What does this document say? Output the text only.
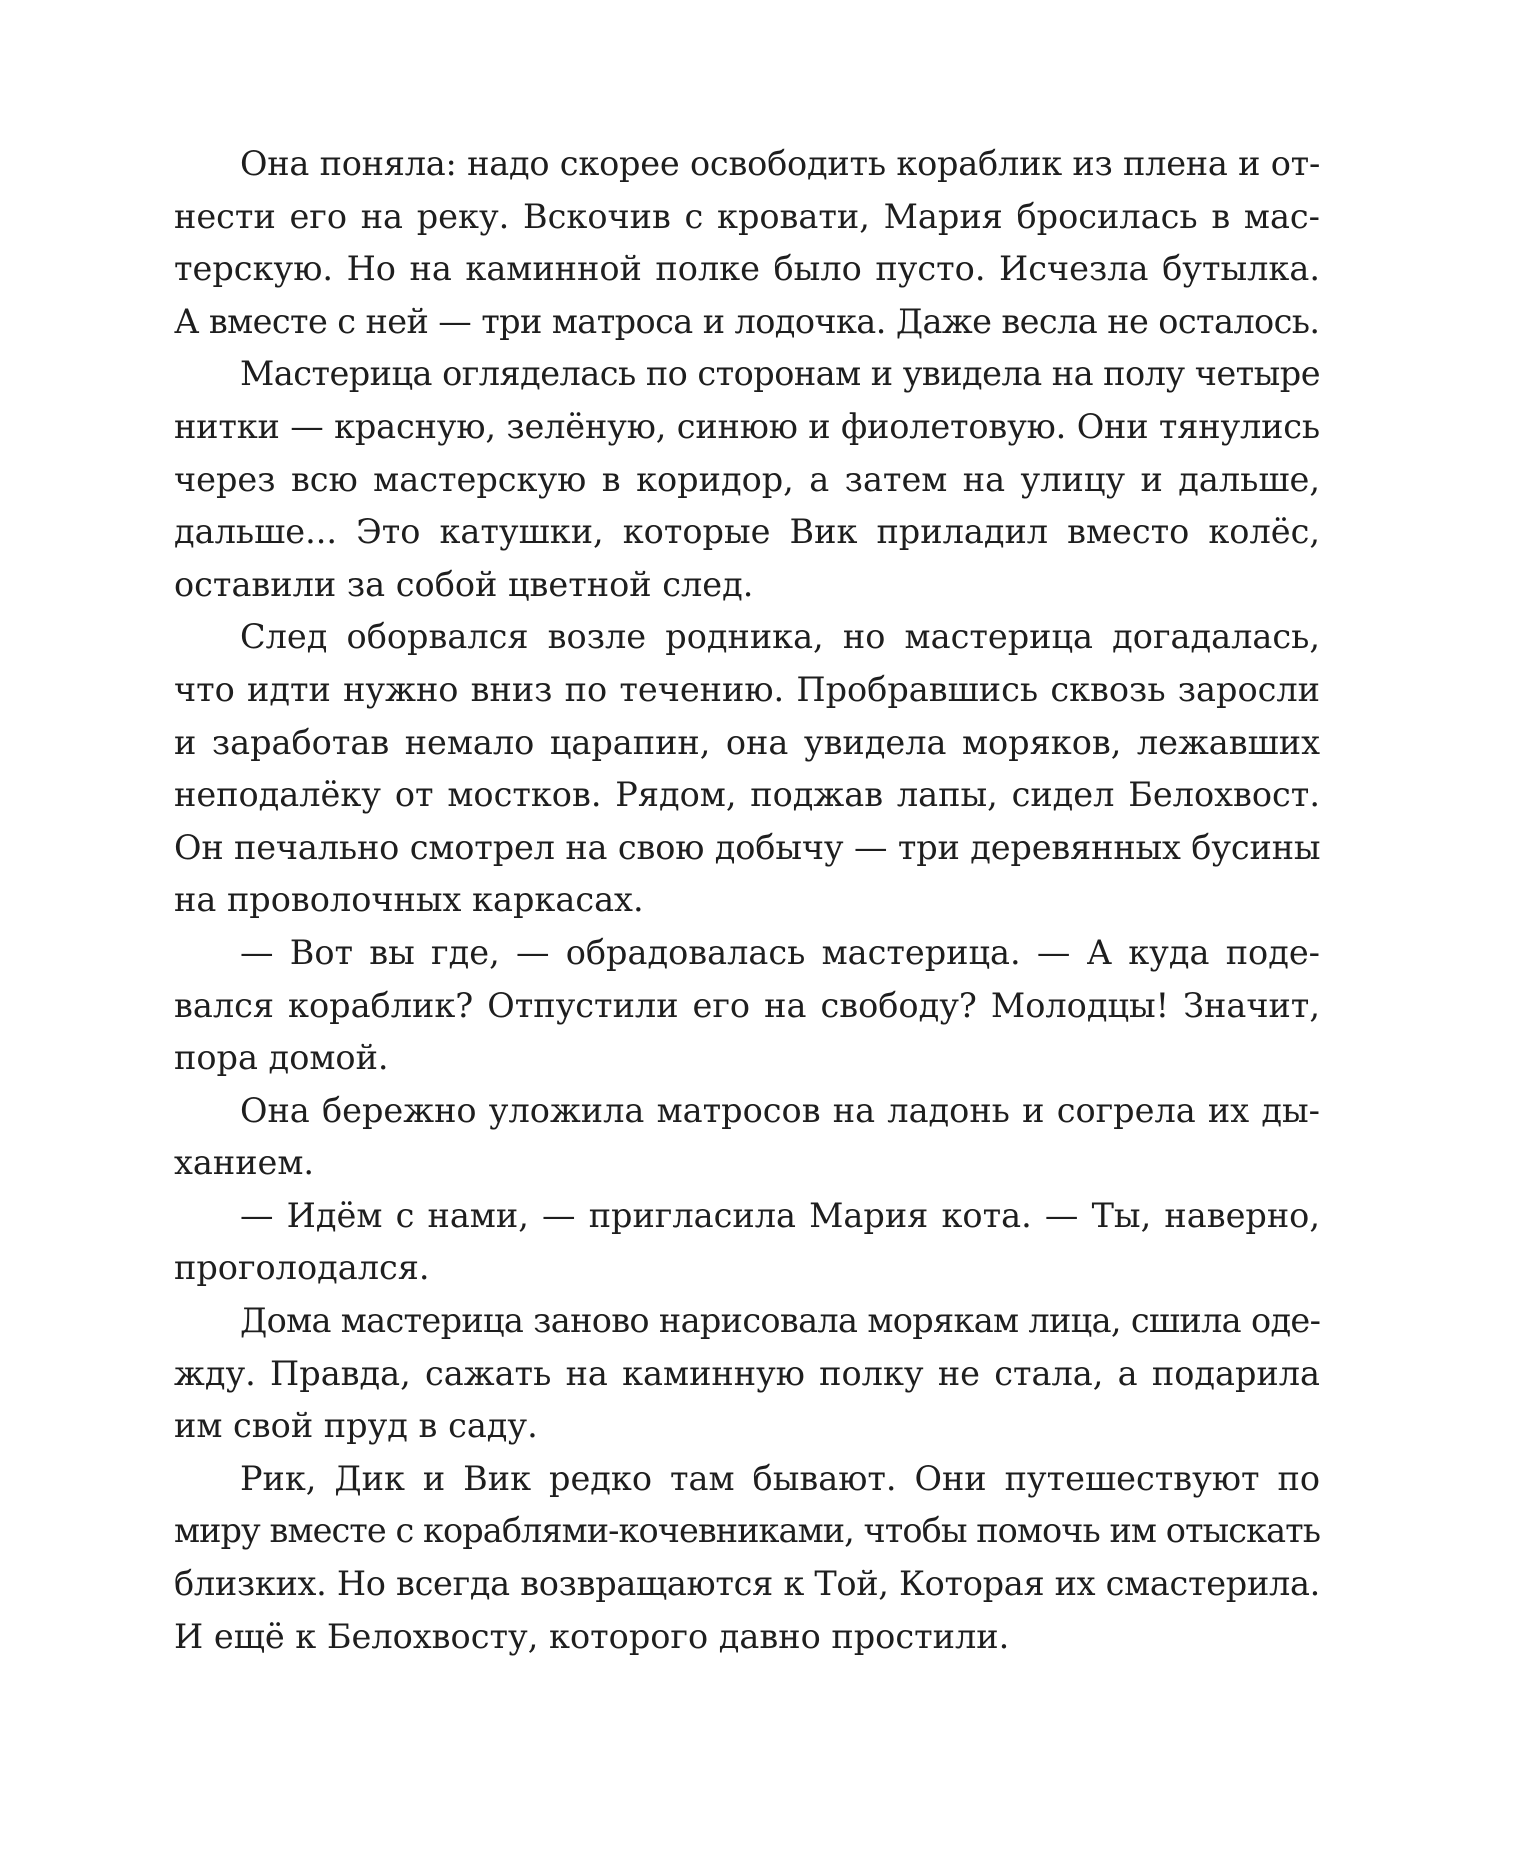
Она поняла: надо скорее освободить кораблик из плена и от-
нести его на реку. Вскочив с кровати, Мария бросилась в мас-
терскую. Но на каминной полке было пусто. Исчезла бутылка.
А вместе с ней — три матроса и лодочка. Даже весла не осталось.

Мастерица огляделась по сторонам и увидела на полу четыре
нитки — красную, зелёную, синюю и фиолетовую. Они тянулись
через всю мастерскую в коридор, а затем на улицу и дальше,
дальше... Это катушки, которые Вик приладил вместо колёс,
оставили за собой цветной след.

След оборвался возле родника, но мастерица догадалась,
что идти нужно вниз по течению. Пробравшись сквозь заросли
и заработав немало царапин, она увидела моряков, лежавших
неподалёку от мостков. Рядом, поджав лапы, сидел Белохвост.
Он печально смотрел на свою добычу — три деревянных бусины
на проволочных каркасах.

— Вот вы где, — обрадовалась мастерица. — А куда поде-
вался кораблик? Отпустили его на свободу? Молодцы! Значит,
пора домой.

Она бережно уложила матросов на ладонь и согрела их ды-
ханием.

— Идём с нами, — пригласила Мария кота. — Ты, наверно,
проголодался.

Дома мастерица заново нарисовала морякам лица, сшила оде-
жду. Правда, сажать на каминную полку не стала, а подарила
им свой пруд в саду.

Рик, Дик и Вик редко там бывают. Они путешествуют по
миру вместе с кораблями-кочевниками, чтобы помочь им отыскать
близких. Но всегда возвращаются к Той, Которая их смастерила.
И ещё к Белохвосту, которого давно простили.
